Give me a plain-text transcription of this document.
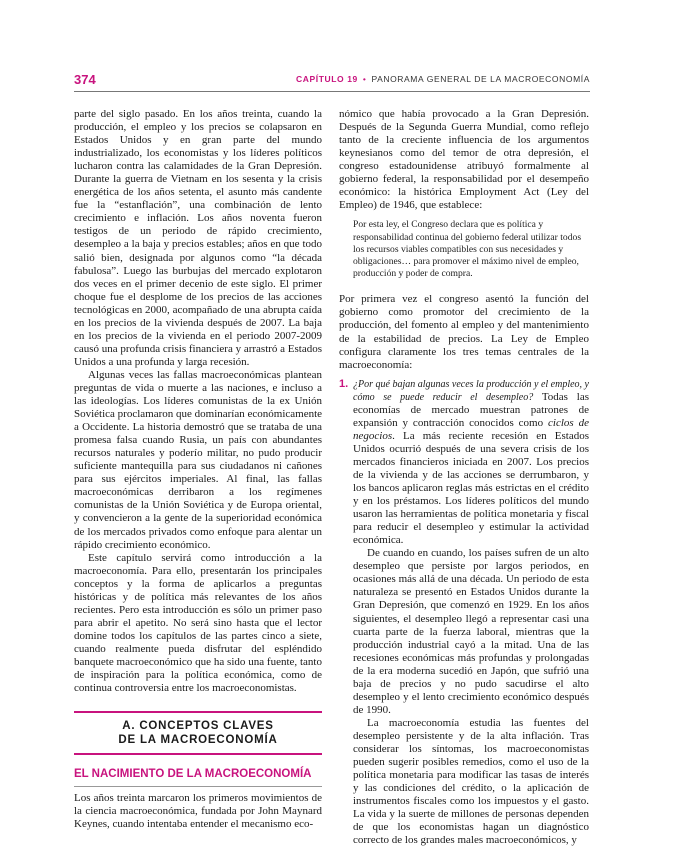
374	CAPÍTULO 19 • PANORAMA GENERAL DE LA MACROECONOMÍA

parte del siglo pasado. En los años treinta, cuando la producción, el empleo y los precios se colapsaron en Estados Unidos y en gran parte del mundo industrializado, los economistas y los líderes políticos lucharon contra las calamidades de la Gran Depresión. Durante la guerra de Vietnam en los sesenta y la crisis energética de los años setenta, el asunto más candente fue la “estanflación”, una combinación de lento crecimiento e inflación. Los años noventa fueron testigos de un periodo de rápido crecimiento, desempleo a la baja y precios estables; años en que todo salió bien, designada por algunos como “la década fabulosa”. Luego las burbujas del mercado explotaron dos veces en el primer decenio de este siglo. El primer choque fue el desplome de los precios de las acciones tecnológicas en 2000, acompañado de una abrupta caída en los precios de la vivienda después de 2007. La baja en los precios de la vivienda en el periodo 2007-2009 causó una profunda crisis financiera y arrastró a Estados Unidos a una profunda y larga recesión.

Algunas veces las fallas macroeconómicas plantean preguntas de vida o muerte a las naciones, e incluso a las ideologías. Los líderes comunistas de la ex Unión Soviética proclamaron que dominarían económicamente a Occidente. La historia demostró que se trataba de una promesa falsa cuando Rusia, un país con abundantes recursos naturales y poderío militar, no pudo producir suficiente mantequilla para sus ciudadanos ni cañones para sus ejércitos imperiales. Al final, las fallas macroeconómicas derribaron a los regímenes comunistas de la Unión Soviética y de Europa oriental, y convencieron a la gente de la superioridad económica de los mercados privados como enfoque para alentar un rápido crecimiento económico.

Este capítulo servirá como introducción a la macroeconomía. Para ello, presentarán los principales conceptos y la forma de aplicarlos a preguntas históricas y de política más relevantes de los años recientes. Pero esta introducción es sólo un primer paso para abrir el apetito. No será sino hasta que el lector domine todos los capítulos de las partes cinco a siete, cuando realmente pueda disfrutar del espléndido banquete macroeconómico que ha sido una fuente, tanto de inspiración para la política económica, como de continua controversia entre los macroeconomistas.

A. CONCEPTOS CLAVES
DE LA MACROECONOMÍA
EL NACIMIENTO DE LA MACROECONOMÍA

Los años treinta marcaron los primeros movimientos de la ciencia macroeconómica, fundada por John Maynard Keynes, cuando intentaba entender el mecanismo eco-

nómico que había provocado a la Gran Depresión. Después de la Segunda Guerra Mundial, como reflejo tanto de la creciente influencia de los argumentos keynesianos como del temor de otra depresión, el congreso estadounidense atribuyó formalmente al gobierno federal, la responsabilidad por el desempeño económico: la histórica Employment Act (Ley del Empleo) de 1946, que establece:

Por esta ley, el Congreso declara que es política y responsabilidad continua del gobierno federal utilizar todos los recursos viables compatibles con sus necesidades y obligaciones… para promover el máximo nivel de empleo, producción y poder de compra.

Por primera vez el congreso asentó la función del gobierno como promotor del crecimiento de la producción, del fomento al empleo y del mantenimiento de la estabilidad de precios. La Ley de Empleo configura claramente los tres temas centrales de la macroeconomía:

1. ¿Por qué bajan algunas veces la producción y el empleo, y cómo se puede reducir el desempleo? Todas las economías de mercado muestran patrones de expansión y contracción conocidos como ciclos de negocios. La más reciente recesión en Estados Unidos ocurrió después de una severa crisis de los mercados financieros iniciada en 2007. Los precios de la vivienda y de las acciones se derrumbaron, y los bancos aplicaron reglas más estrictas en el crédito y en los préstamos. Los líderes políticos del mundo usaron las herramientas de política monetaria y fiscal para reducir el desempleo y estimular la actividad económica.

De cuando en cuando, los países sufren de un alto desempleo que persiste por largos periodos, en ocasiones más allá de una década. Un periodo de esta naturaleza se presentó en Estados Unidos durante la Gran Depresión, que comenzó en 1929. En los años siguientes, el desempleo llegó a representar casi una cuarta parte de la fuerza laboral, mientras que la producción industrial cayó a la mitad. Una de las recesiones económicas más profundas y prolongadas de la era moderna sucedió en Japón, que sufrió una baja de precios y no pudo sacudirse el alto desempleo y el lento crecimiento económico después de 1990.

La macroeconomía estudia las fuentes del desempleo persistente y de la alta inflación. Tras considerar los síntomas, los macroeconomistas pueden sugerir posibles remedios, como el uso de la política monetaria para modificar las tasas de interés y las condiciones del crédito, o la aplicación de instrumentos fiscales como los impuestos y el gasto. La vida y la suerte de millones de personas dependen de que los economistas hagan un diagnóstico correcto de los grandes males macroeconómicos, y
